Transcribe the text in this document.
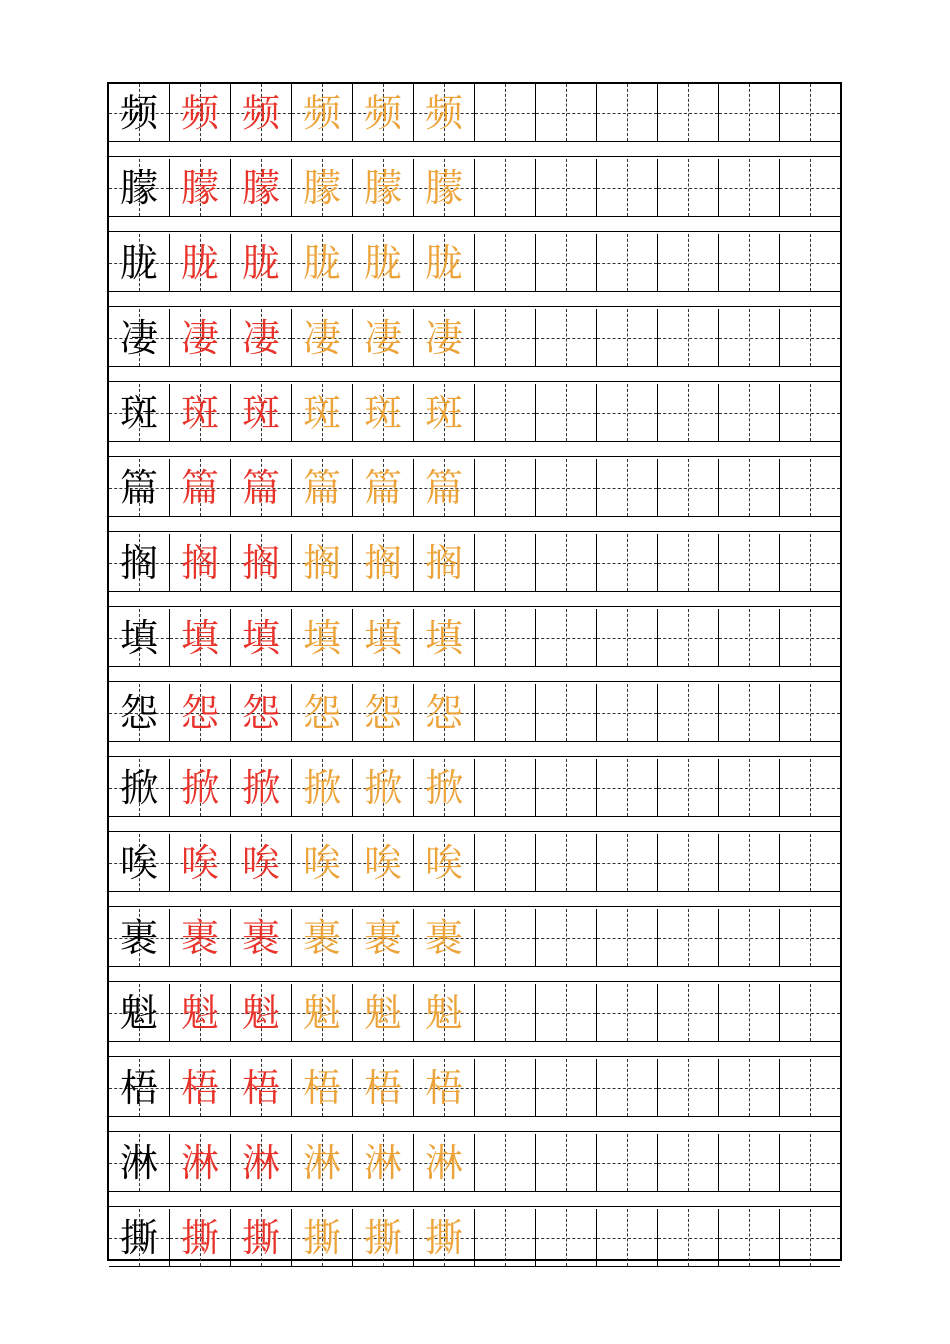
频 频 频 频 频 频
朦 朦 朦 朦 朦 朦
胧 胧 胧 胧 胧 胧
凄 凄 凄 凄 凄 凄
斑 斑 斑 斑 斑 斑
篇 篇 篇 篇 篇 篇
搁 搁 搁 搁 搁 搁
填 填 填 填 填 填
怨 怨 怨 怨 怨 怨
掀 掀 掀 掀 掀 掀
唉 唉 唉 唉 唉 唉
裹 裹 裹 裹 裹 裹
魁 魁 魁 魁 魁 魁
梧 梧 梧 梧 梧 梧
淋 淋 淋 淋 淋 淋
撕 撕 撕 撕 撕 撕
